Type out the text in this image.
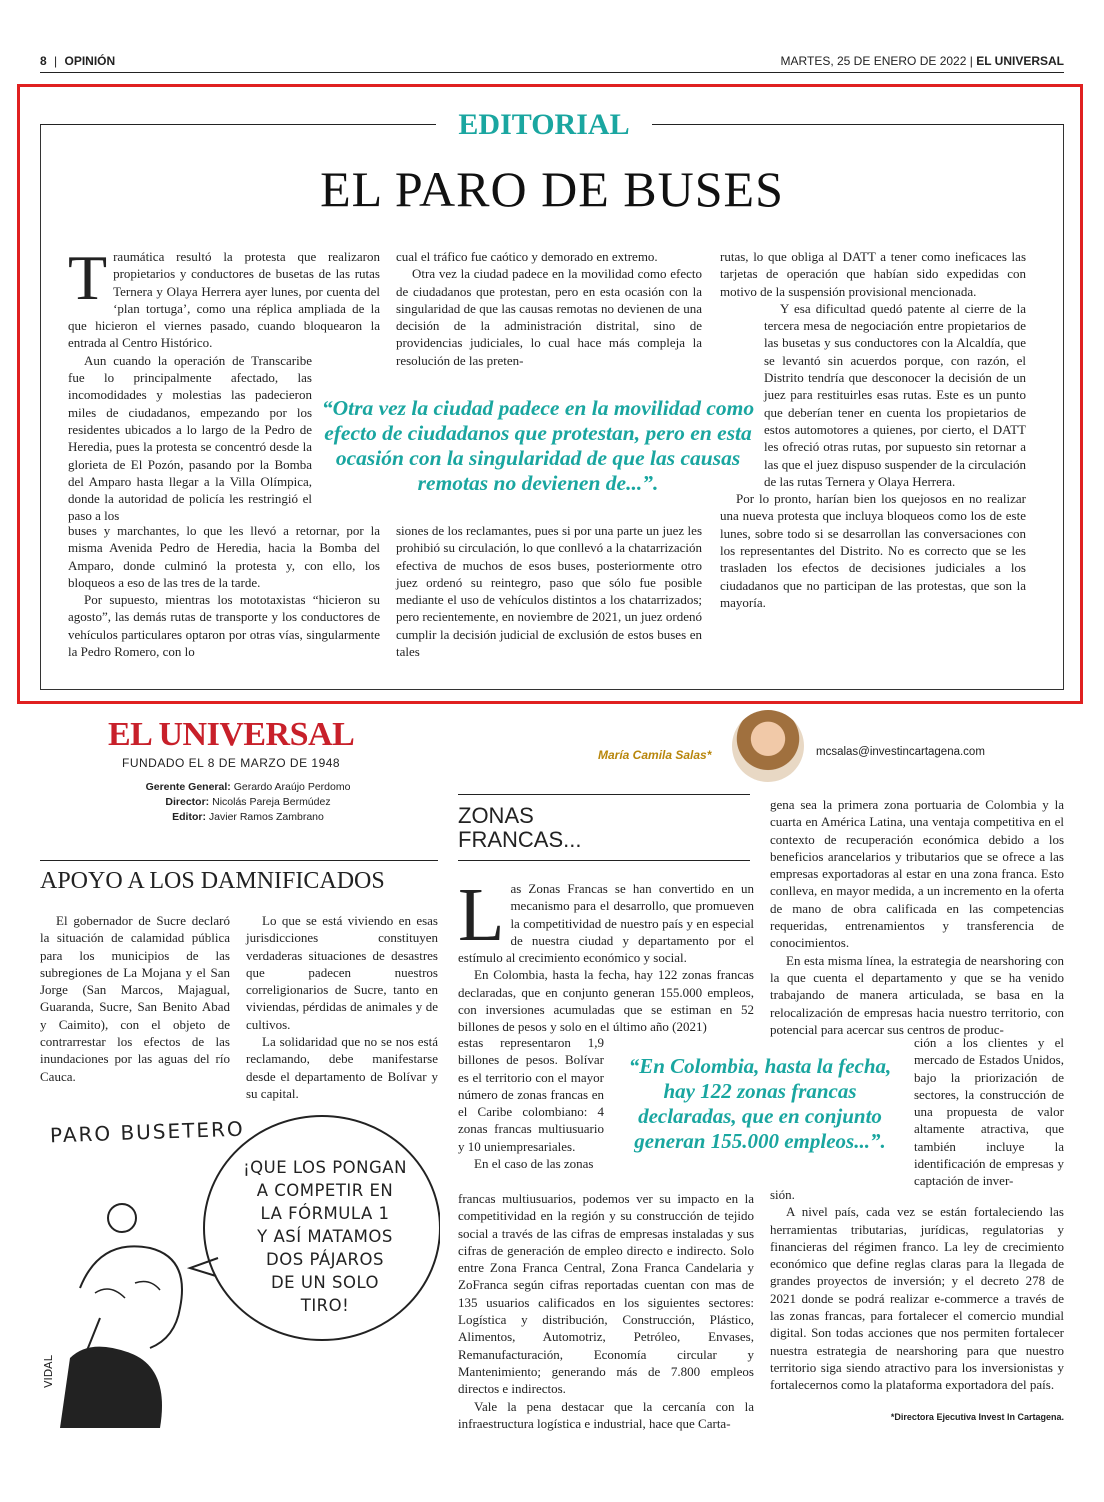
8 | OPINIÓN	MARTES, 25 DE ENERO DE 2022 | EL UNIVERSAL
EDITORIAL
EL PARO DE BUSES

Traumática resultó la protesta que realizaron propietarios y conductores de busetas de las rutas Ternera y Olaya Herrera ayer lunes, por cuenta del ‘plan tortuga’, como una réplica ampliada de la que hicieron el viernes pasado, cuando bloquearon la entrada al Centro Histórico.

Aun cuando la operación de Transcaribe fue lo principalmente afectado, las incomodidades y molestias las padecieron miles de ciudadanos, empezando por los residentes ubicados a lo largo de la Pedro de Heredia, pues la protesta se concentró desde la glorieta de El Pozón, pasando por la Bomba del Amparo hasta llegar a la Villa Olímpica, donde la autoridad de policía les restringió el paso a los

buses y marchantes, lo que les llevó a retornar, por la misma Avenida Pedro de Heredia, hacia la Bomba del Amparo, donde culminó la protesta y, con ello, los bloqueos a eso de las tres de la tarde.

Por supuesto, mientras los mototaxistas “hicieron su agosto”, las demás rutas de transporte y los conductores de vehículos particulares optaron por otras vías, singularmente la Pedro Romero, con lo

cual el tráfico fue caótico y demorado en extremo.

Otra vez la ciudad padece en la movilidad como efecto de ciudadanos que protestan, pero en esta ocasión con la singularidad de que las causas remotas no devienen de una decisión de la administración distrital, sino de providencias judiciales, lo cual hace más compleja la resolución de las preten-

siones de los reclamantes, pues si por una parte un juez les prohibió su circulación, lo que conllevó a la chatarrización efectiva de muchos de esos buses, posteriormente otro juez ordenó su reintegro, paso que sólo fue posible mediante el uso de vehículos distintos a los chatarrizados; pero recientemente, en noviembre de 2021, un juez ordenó cumplir la decisión judicial de exclusión de estos buses en tales

rutas, lo que obliga al DATT a tener como ineficaces las tarjetas de operación que habían sido expedidas con motivo de la suspensión provisional mencionada.

Y esa dificultad quedó patente al cierre de la tercera mesa de negociación entre propietarios de las busetas y sus conductores con la Alcaldía, que se levantó sin acuerdos porque, con razón, el Distrito tendría que desconocer la decisión de un juez para restituirles esas rutas. Este es un punto que deberían tener en cuenta los propietarios de estos automotores a quienes, por cierto, el DATT les ofreció otras rutas, por supuesto sin retornar a las que el juez dispuso suspender de la circulación de las rutas Ternera y Olaya Herrera.

Por lo pronto, harían bien los quejosos en no realizar una nueva protesta que incluya bloqueos como los de este lunes, sobre todo si se desarrollan las conversaciones con los representantes del Distrito. No es correcto que se les trasladen los efectos de decisiones judiciales a los ciudadanos que no participan de las protestas, que son la mayoría.

“Otra vez la ciudad padece en la movilidad como efecto de ciudadanos que protestan, pero en esta ocasión con la singularidad de que las causas remotas no devienen de...”.
EL UNIVERSAL
FUNDADO EL 8 DE MARZO DE 1948
Gerente General: Gerardo Araújo Perdomo
Director: Nicolás Pareja Bermúdez
Editor: Javier Ramos Zambrano
APOYO A LOS DAMNIFICADOS

El gobernador de Sucre declaró la situación de calamidad pública para los municipios de las subregiones de La Mojana y el San Jorge (San Marcos, Majagual, Guaranda, Sucre, San Benito Abad y Caimito), con el objeto de contrarrestar los efectos de las inundaciones por las aguas del río Cauca.

Lo que se está viviendo en esas jurisdicciones constituyen verdaderas situaciones de desastres que padecen nuestros correligionarios de Sucre, tanto en viviendas, pérdidas de animales y de cultivos.

La solidaridad que no se nos está reclamando, debe manifestarse desde el departamento de Bolívar y su capital.

PARO BUSETERO
¡QUE LOS PONGAN
A COMPETIR EN
LA FÓRMULA 1
Y ASÍ MATAMOS
DOS PÁJAROS
DE UN SOLO
TIRO!
VIDAL
María Camila Salas*	mcsalas@investincartagena.com
ZONAS
FRANCAS...

Las Zonas Francas se han convertido en un mecanismo para el desarrollo, que promueven la competitividad de nuestro país y en especial de nuestra ciudad y departamento por el estímulo al crecimiento económico y social.

En Colombia, hasta la fecha, hay 122 zonas francas declaradas, que en conjunto generan 155.000 empleos, con inversiones acumuladas que se estiman en 52 billones de pesos y solo en el último año (2021)

estas representaron 1,9 billones de pesos. Bolívar es el territorio con el mayor número de zonas francas en el Caribe colombiano: 4 zonas francas multiusuario y 10 uniempresariales.

En el caso de las zonas

francas multiusuarios, podemos ver su impacto en la competitividad en la región y su construcción de tejido social a través de las cifras de empresas instaladas y sus cifras de generación de empleo directo e indirecto. Solo entre Zona Franca Central, Zona Franca Candelaria y ZoFranca según cifras reportadas cuentan con mas de 135 usuarios calificados en los siguientes sectores: Logística y distribución, Construcción, Plástico, Alimentos, Automotriz, Petróleo, Envases, Remanufacturación, Economía circular y Mantenimiento; generando más de 7.800 empleos directos e indirectos.

Vale la pena destacar que la cercanía con la infraestructura logística e industrial, hace que Carta-

gena sea la primera zona portuaria de Colombia y la cuarta en América Latina, una ventaja competitiva en el contexto de recuperación económica debido a los beneficios arancelarios y tributarios que se ofrece a las empresas exportadoras al estar en una zona franca. Esto conlleva, en mayor medida, a un incremento en la oferta de mano de obra calificada en las competencias requeridas, entrenamientos y transferencia de conocimientos.

En esta misma línea, la estrategia de nearshoring con la que cuenta el departamento y que se ha venido trabajando de manera articulada, se basa en la relocalización de empresas hacia nuestro territorio, con potencial para acercar sus centros de produc-

ción a los clientes y el mercado de Estados Unidos, bajo la priorización de sectores, la construcción de una propuesta de valor altamente atractiva, que también incluye la identificación de empresas y captación de inver-

sión.

A nivel país, cada vez se están fortaleciendo las herramientas tributarias, jurídicas, regulatorias y financieras del régimen franco. La ley de crecimiento económico que define reglas claras para la llegada de grandes proyectos de inversión; y el decreto 278 de 2021 donde se podrá realizar e-commerce a través de las zonas francas, para fortalecer el comercio mundial digital. Son todas acciones que nos permiten fortalecer nuestra estrategia de nearshoring para que nuestro territorio siga siendo atractivo para los inversionistas y fortalecernos como la plataforma exportadora del país.

“En Colombia, hasta la fecha, hay 122 zonas francas declaradas, que en conjunto generan 155.000 empleos...”.
*Directora Ejecutiva Invest In Cartagena.
